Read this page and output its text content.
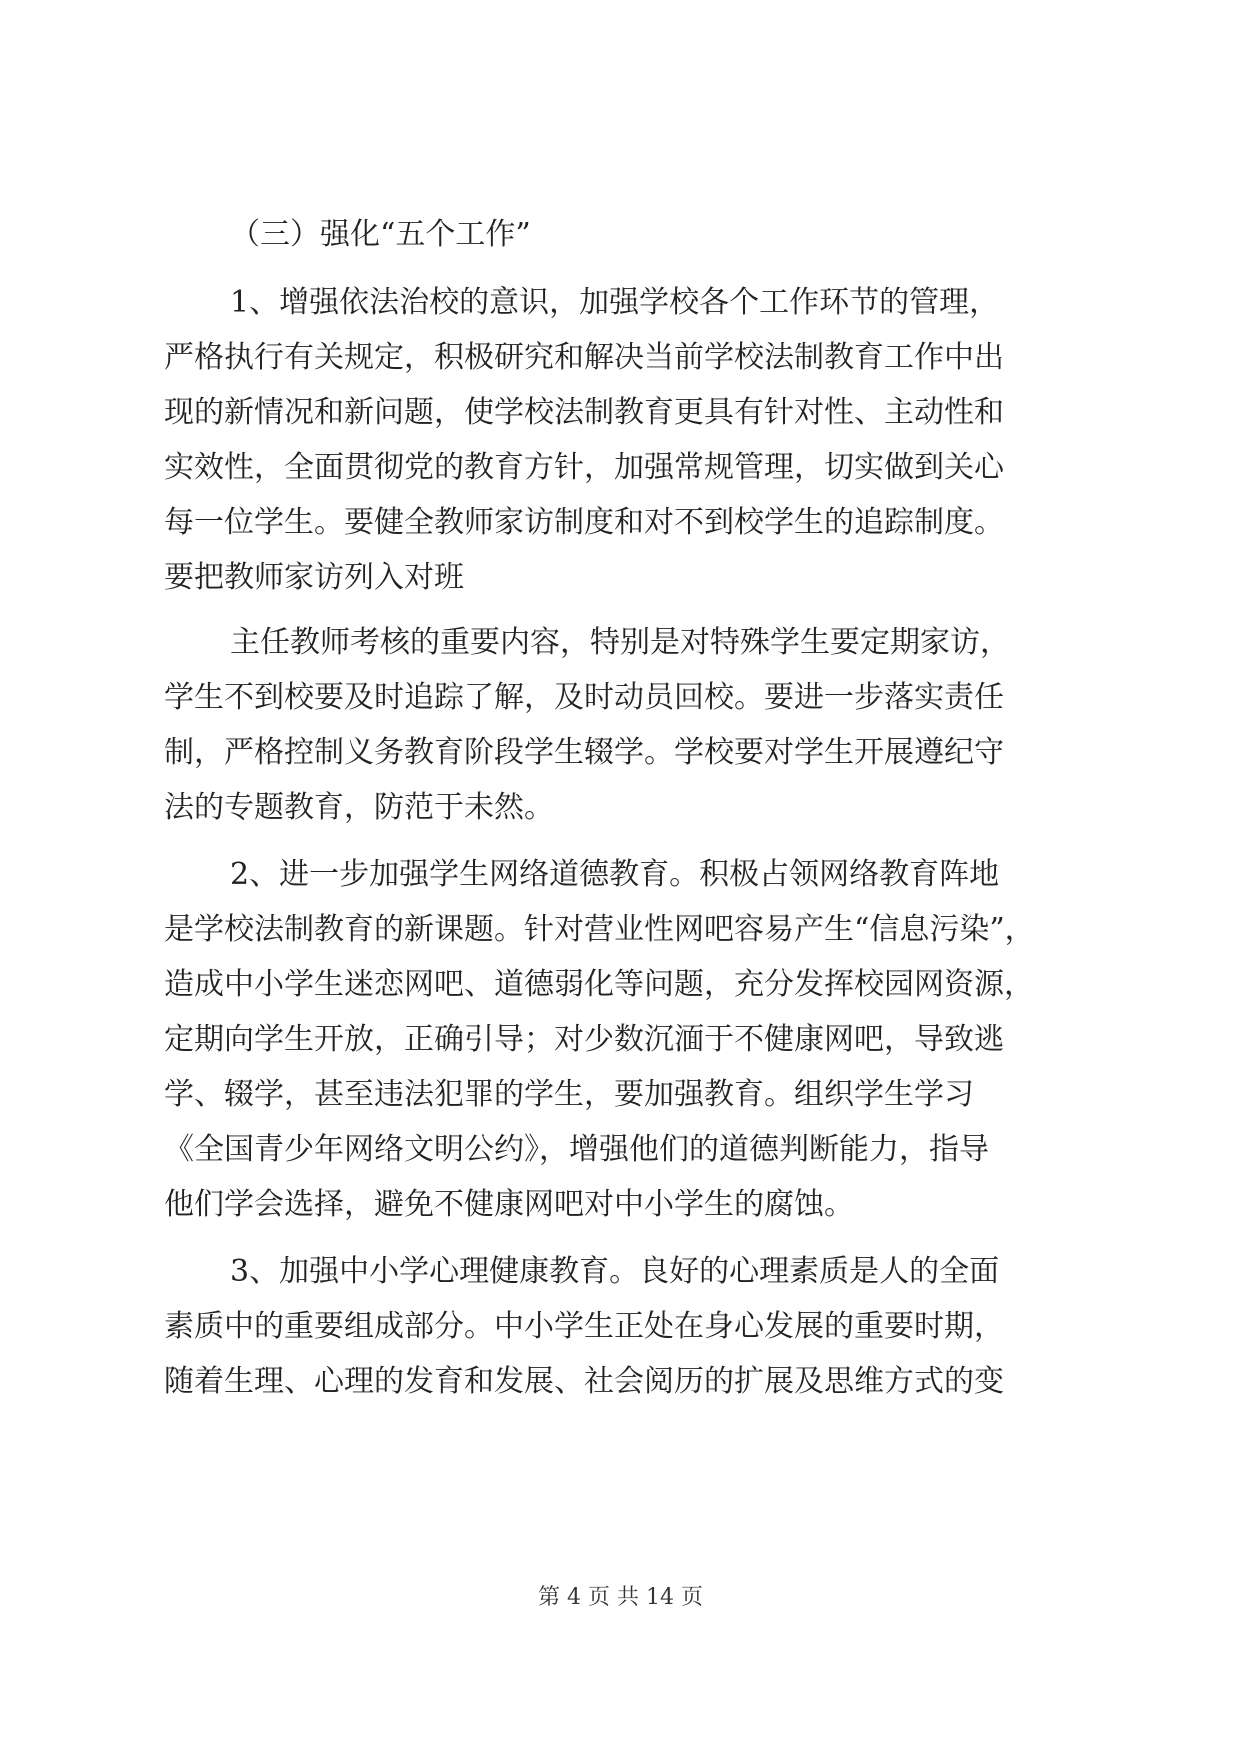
（三）强化“五个工作”
1、增强依法治校的意识，加强学校各个工作环节的管理，
严格执行有关规定，积极研究和解决当前学校法制教育工作中出
现的新情况和新问题，使学校法制教育更具有针对性、主动性和
实效性，全面贯彻党的教育方针，加强常规管理，切实做到关心
每一位学生。要健全教师家访制度和对不到校学生的追踪制度。
要把教师家访列入对班
主任教师考核的重要内容，特别是对特殊学生要定期家访，
学生不到校要及时追踪了解，及时动员回校。要进一步落实责任
制，严格控制义务教育阶段学生辍学。学校要对学生开展遵纪守
法的专题教育，防范于未然。
2、进一步加强学生网络道德教育。积极占领网络教育阵地
是学校法制教育的新课题。针对营业性网吧容易产生“信息污染”，
造成中小学生迷恋网吧、道德弱化等问题，充分发挥校园网资源，
定期向学生开放，正确引导；对少数沉湎于不健康网吧，导致逃
学、辍学，甚至违法犯罪的学生，要加强教育。组织学生学习
《全国青少年网络文明公约》，增强他们的道德判断能力，指导
他们学会选择，避免不健康网吧对中小学生的腐蚀。
3、加强中小学心理健康教育。良好的心理素质是人的全面
素质中的重要组成部分。中小学生正处在身心发展的重要时期，
随着生理、心理的发育和发展、社会阅历的扩展及思维方式的变
第 4 页 共 14 页
